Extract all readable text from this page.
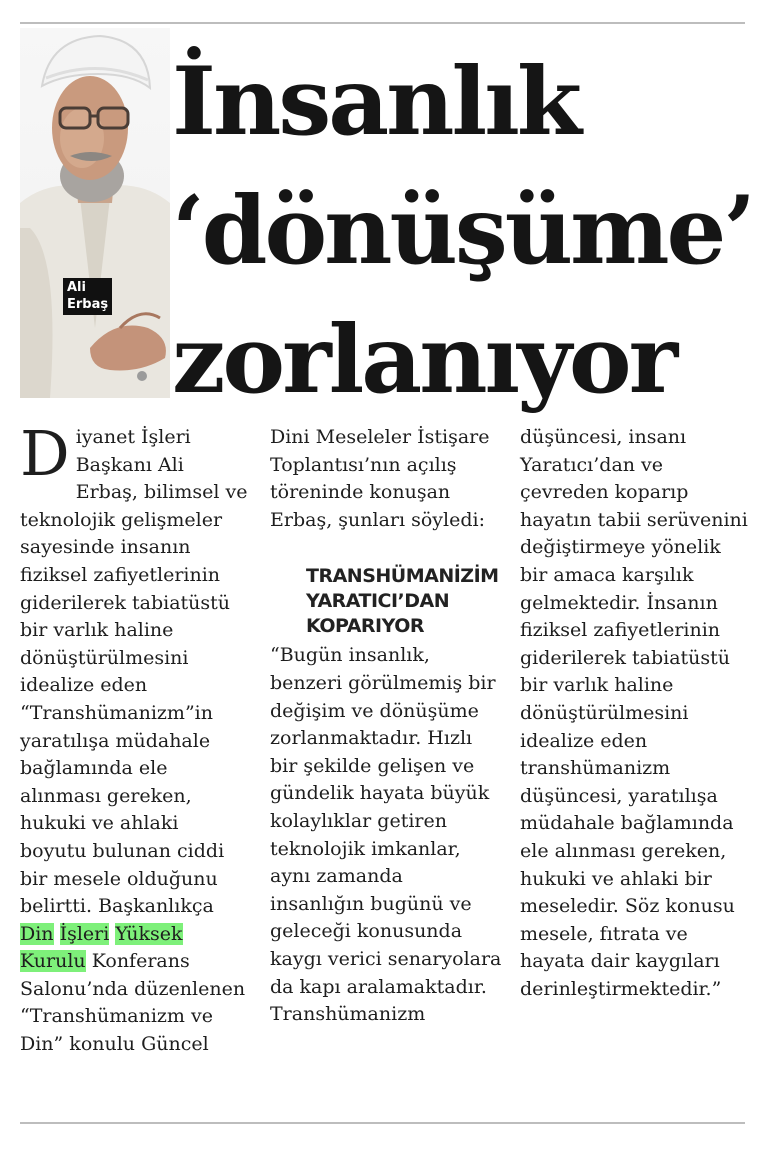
Ali
Erbaş
İnsanlık
‘dönüşüme’
zorlanıyor
D iyanet İşleri Başkanı Ali Erbaş, bilimsel ve teknolojik gelişmeler sayesinde insanın fiziksel zafiyetlerinin giderilerek tabiatüstü bir varlık haline dönüştürülmesini idealize eden “Transhümanizm”in yaratılışa müdahale bağlamında ele alınması gereken, hukuki ve ahlaki boyutu bulunan ciddi bir mesele olduğunu belirtti. Başkanlıkça Din İşleri Yüksek Kurulu Konferans Salonu’nda düzenlenen “Transhümanizm ve Din” konulu Güncel

Dini Meseleler İstişare Toplantısı’nın açılış töreninde konuşan Erbaş, şunları söyledi:

TRANSHÜMANİZİM YARATICI’DAN KOPARIYOR

“Bugün insanlık, benzeri görülmemiş bir değişim ve dönüşüme zorlanmaktadır. Hızlı bir şekilde gelişen ve gündelik hayata büyük kolaylıklar getiren teknolojik imkanlar, aynı zamanda insanlığın bugünü ve geleceği konusunda kaygı verici senaryolara da kapı aralamaktadır. Transhümanizm

düşüncesi, insanı Yaratıcı’dan ve çevreden koparıp hayatın tabii serüvenini değiştirmeye yönelik bir amaca karşılık gelmektedir. İnsanın fiziksel zafiyetlerinin giderilerek tabiatüstü bir varlık haline dönüştürülmesini idealize eden transhümanizm düşüncesi, yaratılışa müdahale bağlamında ele alınması gereken, hukuki ve ahlaki bir meseledir. Söz konusu mesele, fıtrata ve hayata dair kaygıları derinleştirmektedir.”
